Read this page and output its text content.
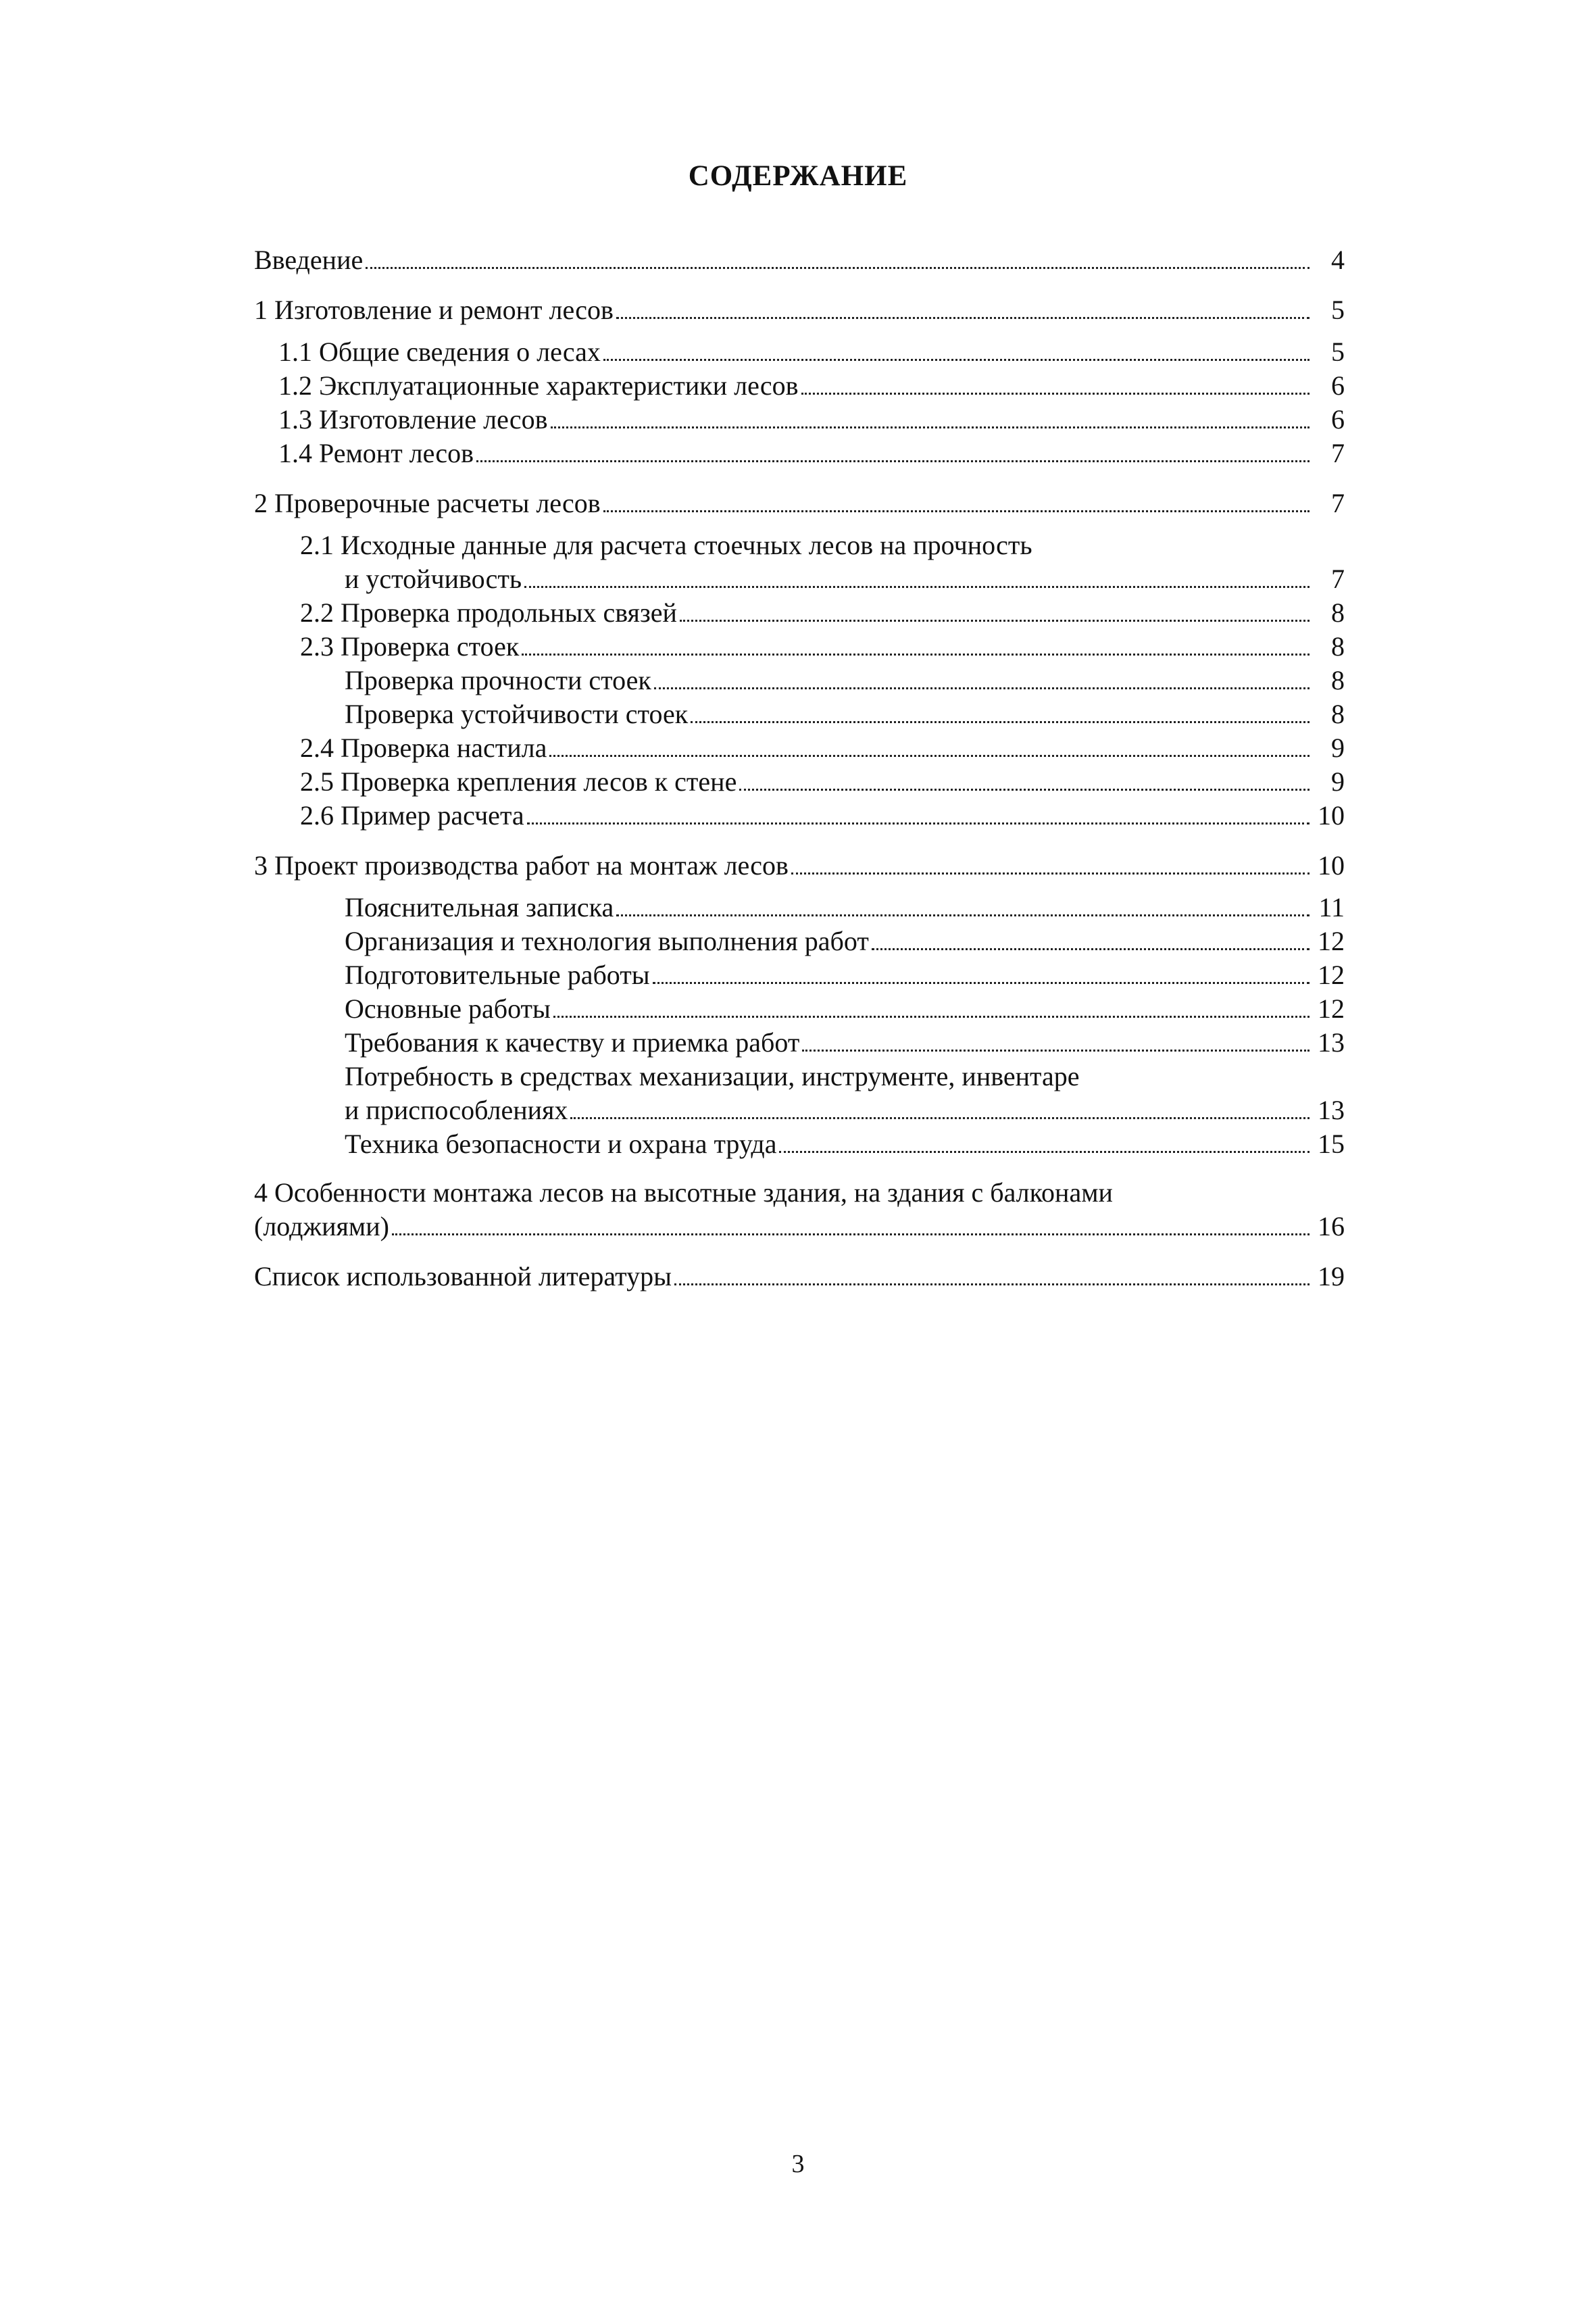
СОДЕРЖАНИЕ
Введение	4
1 Изготовление и ремонт лесов	5
1.1 Общие сведения о лесах	5
1.2 Эксплуатационные характеристики лесов	6
1.3 Изготовление лесов	6
1.4 Ремонт лесов	7
2 Проверочные расчеты лесов	7
2.1 Исходные данные для расчета стоечных лесов на прочность
и устойчивость	7
2.2 Проверка продольных связей	8
2.3 Проверка стоек	8
Проверка прочности стоек	8
Проверка устойчивости стоек	8
2.4 Проверка настила	9
2.5 Проверка крепления лесов к стене	9
2.6 Пример расчета	10
3 Проект производства работ на монтаж лесов	10
Пояснительная записка	11
Организация и технология выполнения работ	12
Подготовительные работы	12
Основные работы	12
Требования к качеству и приемка работ	13
Потребность в средствах механизации, инструменте, инвентаре
и приспособлениях	13
Техника безопасности и охрана труда	15
4 Особенности монтажа лесов на высотные здания, на здания с балконами
(лоджиями)	16
Список использованной литературы	19
3
